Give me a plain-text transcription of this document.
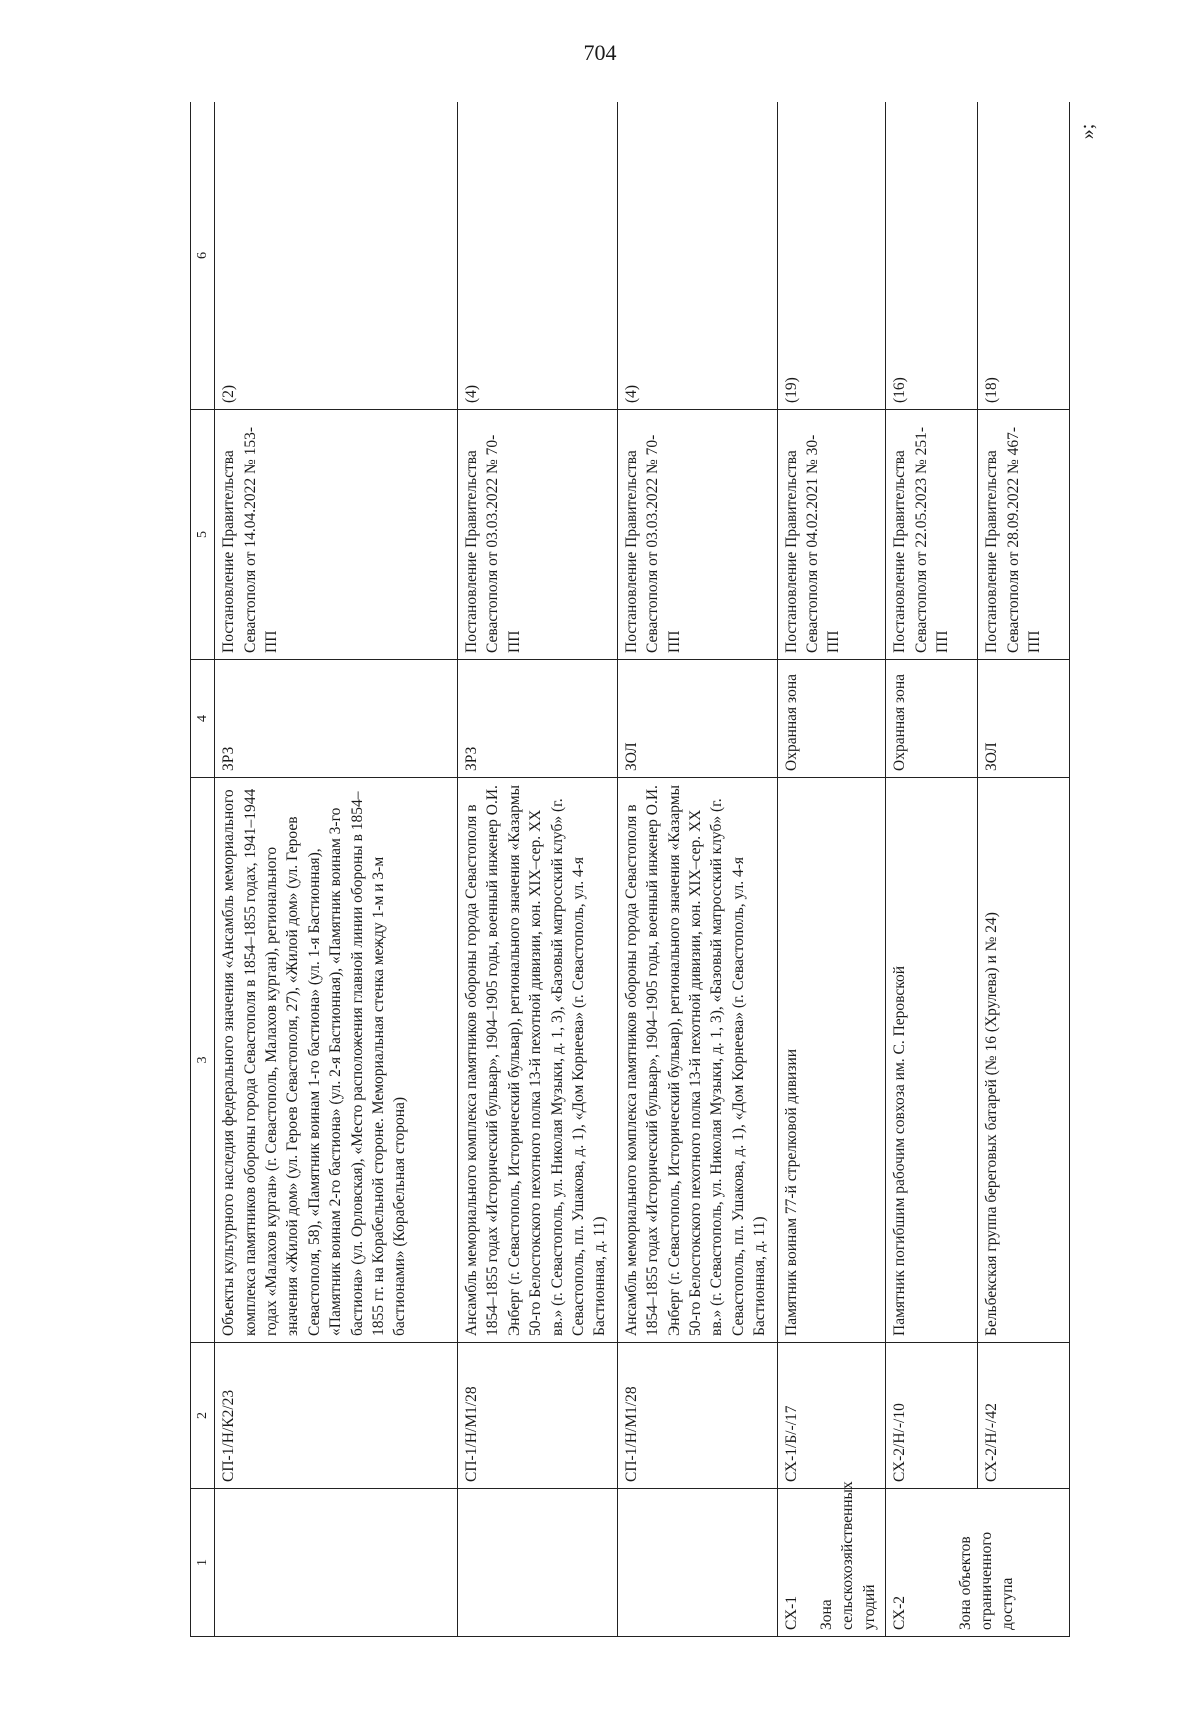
704
1	2	3	4	5	6
	СП-1/Н/К2/23	Объекты культурного наследия федерального значения «Ансамбль мемориального комплекса памятников обороны города Севастополя в 1854–1855 годах, 1941–1944 годах «Малахов курган» (г. Севастополь, Малахов курган), регионального значения «Жилой дом» (ул. Героев Севастополя, 27), «Жилой дом» (ул. Героев Севастополя, 58), «Памятник воинам 1-го бастиона» (ул. 1-я Бастионная), «Памятник воинам 2-го бастиона» (ул. 2-я Бастионная), «Памятник воинам 3-го бастиона» (ул. Орловская), «Место расположения главной линии обороны в 1854–1855 гг. на Корабельной стороне. Мемориальная стенка между 1-м и 3-м бастионами» (Корабельная сторона)	ЗРЗ	Постановление Правительства Севастополя от 14.04.2022 № 153-ПП	(2)
	СП-1/Н/М1/28	Ансамбль мемориального комплекса памятников обороны города Севастополя в 1854–1855 годах «Исторический бульвар», 1904–1905 годы, военный инженер О.И. Энберг (г. Севастополь, Исторический бульвар), регионального значения «Казармы 50-го Белостокского пехотного полка 13-й пехотной дивизии, кон. XIX–сер. XX вв.» (г. Севастополь, ул. Николая Музыки, д. 1, 3), «Базовый матросский клуб» (г. Севастополь, пл. Ушакова, д. 1), «Дом Корнеева» (г. Севастополь, ул. 4-я Бастионная, д. 11)	ЗРЗ	Постановление Правительства Севастополя от 03.03.2022 № 70-ПП	(4)
	СП-1/Н/М1/28	Ансамбль мемориального комплекса памятников обороны города Севастополя в 1854–1855 годах «Исторический бульвар», 1904–1905 годы, военный инженер О.И. Энберг (г. Севастополь, Исторический бульвар), регионального значения «Казармы 50-го Белостокского пехотного полка 13-й пехотной дивизии, кон. XIX–сер. XX вв.» (г. Севастополь, ул. Николая Музыки, д. 1, 3), «Базовый матросский клуб» (г. Севастополь, пл. Ушакова, д. 1), «Дом Корнеева» (г. Севастополь, ул. 4-я Бастионная, д. 11)	ЗОЛ	Постановление Правительства Севастополя от 03.03.2022 № 70-ПП	(4)

СХ-1 Зона сельскохозяйственных угодий	СХ-1/Б/-/17	Памятник воинам 77-й стрелковой дивизии	Охранная зона	Постановление Правительства Севастополя от 04.02.2021 № 30-ПП	(19)

СХ-2 Зона объектов ограниченного доступа	СХ-2/Н/-/10	Памятник погибшим рабочим совхоза им. С. Перовской	Охранная зона	Постановление Правительства Севастополя от 22.05.2023 № 251-ПП	(16)
	СХ-2/Н/-/42	Бельбекская группа береговых батарей (№ 16 (Хрулева) и № 24)	ЗОЛ	Постановление Правительства Севастополя от 28.09.2022 № 467-ПП	(18)
»;
